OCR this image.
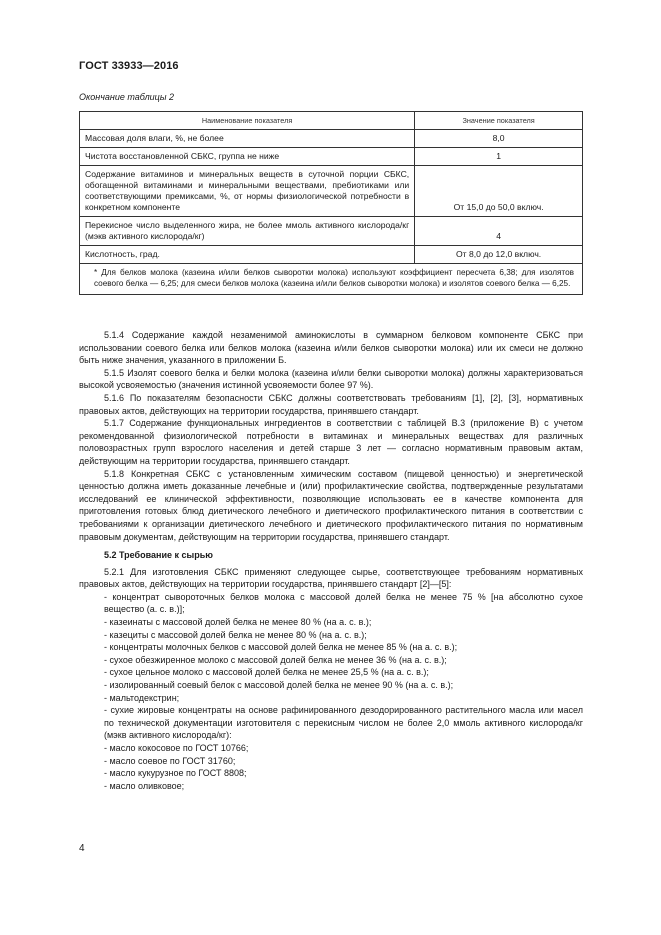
ГОСТ 33933—2016
Окончание таблицы 2
Наименование показателя	Значение показателя
Массовая доля влаги, %, не более	8,0
Чистота восстановленной СБКС, группа не ниже	1
Содержание витаминов и минеральных веществ в суточной порции СБКС, обогащенной витаминами и минеральными веществами, пребиотиками или соответствующими премиксами, %, от нормы физиологической потребности в конкретном компоненте	От 15,0 до 50,0 включ.
Перекисное число выделенного жира, не более ммоль активного кислорода/кг (мэкв активного кислорода/кг)	4
Кислотность, град.	От 8,0 до 12,0 включ.
* Для белков молока (казеина и/или белков сыворотки молока) используют коэффициент пересчета 6,38; для изолятов соевого белка — 6,25; для смеси белков молока (казеина и/или белков сыворотки молока) и изолятов соевого белка — 6,25.	

5.1.4 Содержание каждой незаменимой аминокислоты в суммарном белковом компоненте СБКС при использовании соевого белка или белков молока (казеина и/или белков сыворотки молока) или их смеси не должно быть ниже значения, указанного в приложении Б.

5.1.5 Изолят соевого белка и белки молока (казеина и/или белки сыворотки молока) должны характеризоваться высокой усвояемостью (значения истинной усвояемости более 97 %).

5.1.6 По показателям безопасности СБКС должны соответствовать требованиям [1], [2], [3], нормативных правовых актов, действующих на территории государства, принявшего стандарт.

5.1.7 Содержание функциональных ингредиентов в соответствии с таблицей В.3 (приложение В) с учетом рекомендованной физиологической потребности в витаминах и минеральных веществах для различных половозрастных групп взрослого населения и детей старше 3 лет — согласно нормативным правовым актам, действующим на территории государства, принявшего стандарт.

5.1.8 Конкретная СБКС с установленным химическим составом (пищевой ценностью) и энергетической ценностью должна иметь доказанные лечебные и (или) профилактические свойства, подтвержденные результатами исследований ее клинической эффективности, позволяющие использовать ее в качестве компонента для приготовления готовых блюд диетического лечебного и диетического профилактического питания в соответствии с требованиями к организации диетического лечебного и диетического профилактического питания по нормативным правовым документам, действующим на территории государства, принявшего стандарт.

5.2 Требование к сырью

5.2.1 Для изготовления СБКС применяют следующее сырье, соответствующее требованиям нормативных правовых актов, действующих на территории государства, принявшего стандарт [2]—[5]:

- концентрат сывороточных белков молока с массовой долей белка не менее 75 % [на абсолютно сухое вещество (а. с. в.)];

- казеинаты с массовой долей белка не менее 80 % (на а. с. в.);

- казециты с массовой долей белка не менее 80 % (на а. с. в.);

- концентраты молочных белков с массовой долей белка не менее 85 % (на а. с. в.);

- сухое обезжиренное молоко с массовой долей белка не менее 36 % (на а. с. в.);

- сухое цельное молоко с массовой долей белка не менее 25,5 % (на а. с. в.);

- изолированный соевый белок с массовой долей белка не менее 90 % (на а. с. в.);

- мальтодекстрин;

- сухие жировые концентраты на основе рафинированного дезодорированного растительного масла или масел по технической документации изготовителя с перекисным числом не более 2,0 ммоль активного кислорода/кг (мэкв активного кислорода/кг):

- масло кокосовое по ГОСТ 10766;

- масло соевое по ГОСТ 31760;

- масло кукурузное по ГОСТ 8808;

- масло оливковое;

4
